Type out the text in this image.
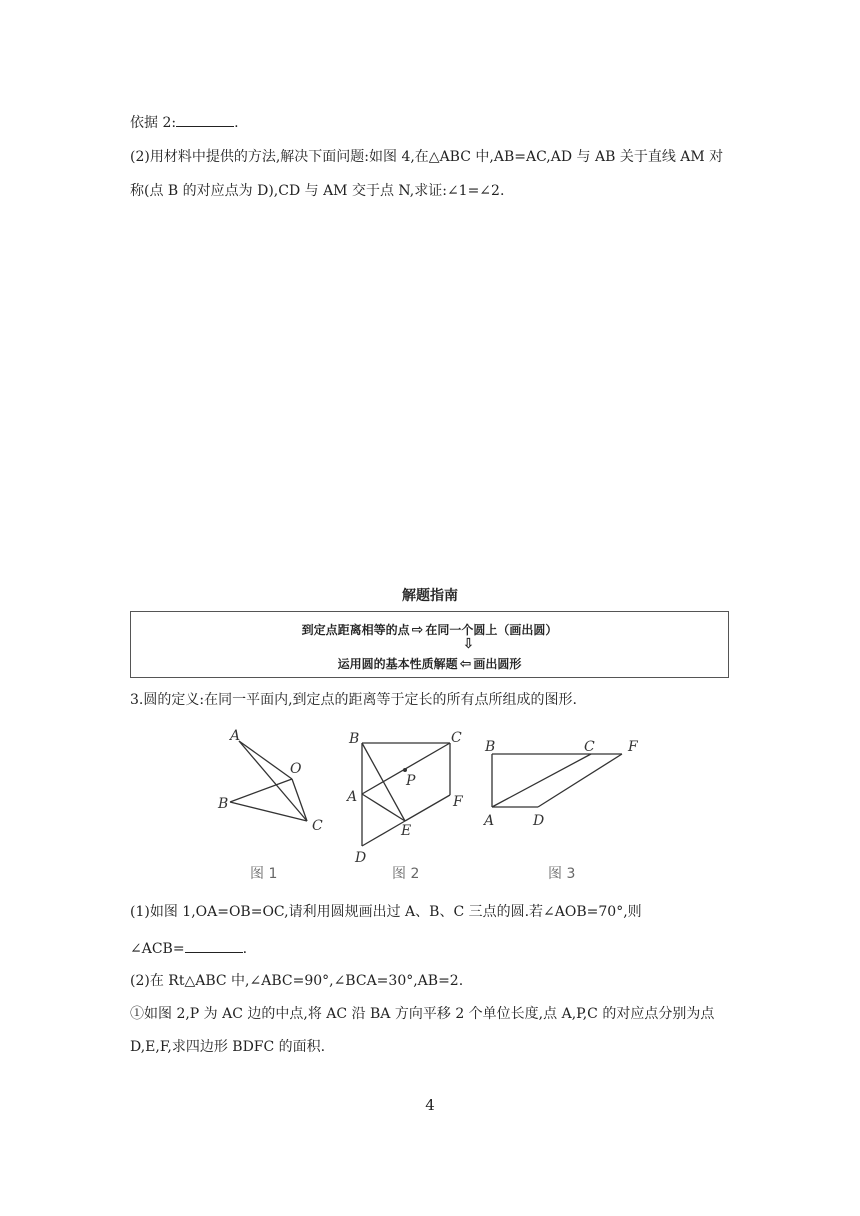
依据 2:	.
(2)用材料中提供的方法,解决下面问题:如图 4,在△ABC 中,AB=AC,AD 与 AB 关于直线 AM 对
称(点 B 的对应点为 D),CD 与 AM 交于点 N,求证:∠1=∠2.
解题指南
到定点距离相等的点 ⇨ 在同一个圆上（画出圆）
⇩
运用圆的基本性质解题 ⇦ 画出圆形
3.圆的定义:在同一平面内,到定点的距离等于定长的所有点所组成的图形.
A
O
B
C
图 1
B	C
P
A	F
E
D
图 2
B	C F
A	D
图 3
(1)如图 1,OA=OB=OC,请利用圆规画出过 A、B、C 三点的圆.若∠AOB=70°,则
∠ACB=	.
(2)在 Rt△ABC 中,∠ABC=90°,∠BCA=30°,AB=2.
①如图 2,P 为 AC 边的中点,将 AC 沿 BA 方向平移 2 个单位长度,点 A,P,C 的对应点分别为点
D,E,F,求四边形 BDFC 的面积.
4
